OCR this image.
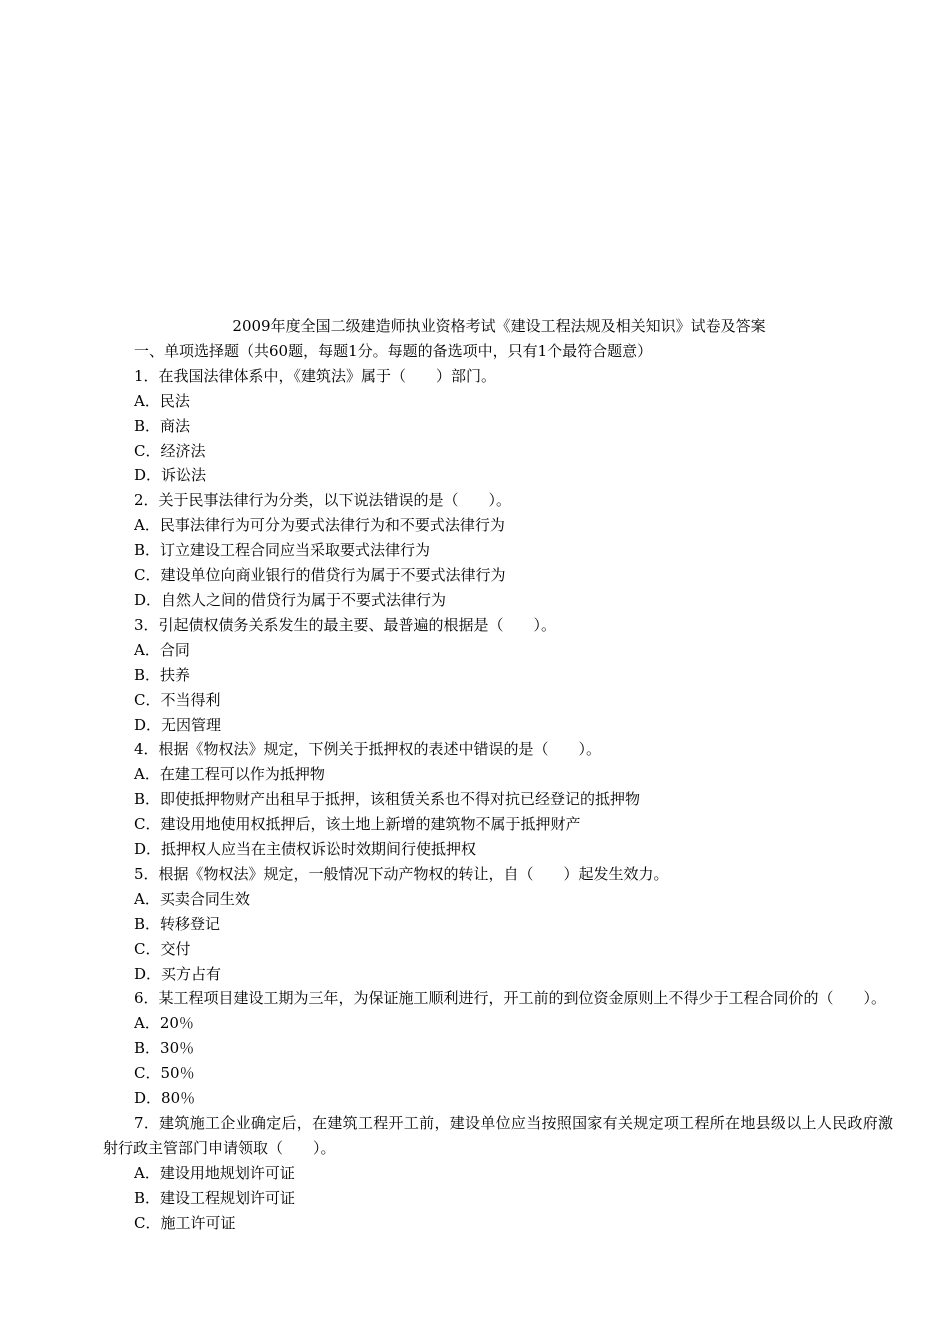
2009年度全国二级建造师执业资格考试《建设工程法规及相关知识》试卷及答案

一、单项选择题（共60题，每题1分。每题的备选项中，只有1个最符合题意）

1．在我国法律体系中，《建筑法》属于（　　）部门。

A．民法

B．商法

C．经济法

D．诉讼法

2．关于民事法律行为分类，以下说法错误的是（　　）。

A．民事法律行为可分为要式法律行为和不要式法律行为

B．订立建设工程合同应当采取要式法律行为

C．建设单位向商业银行的借贷行为属于不要式法律行为

D．自然人之间的借贷行为属于不要式法律行为

3．引起债权债务关系发生的最主要、最普遍的根据是（　　）。

A．合同

B．扶养

C．不当得利

D．无因管理

4．根据《物权法》规定，下例关于抵押权的表述中错误的是（　　）。

A．在建工程可以作为抵押物

B．即使抵押物财产出租早于抵押，该租赁关系也不得对抗已经登记的抵押物

C．建设用地使用权抵押后，该土地上新增的建筑物不属于抵押财产

D．抵押权人应当在主债权诉讼时效期间行使抵押权

5．根据《物权法》规定，一般情况下动产物权的转让，自（　　）起发生效力。

A．买卖合同生效

B．转移登记

C．交付

D．买方占有

6．某工程项目建设工期为三年，为保证施工顺利进行，开工前的到位资金原则上不得少于工程合同价的（　　）。

A．20％

B．30％

C．50％

D．80％

7．建筑施工企业确定后，在建筑工程开工前，建设单位应当按照国家有关规定项工程所在地县级以上人民政府激射行政主管部门申请领取（　　）。

A．建设用地规划许可证

B．建设工程规划许可证

C．施工许可证
